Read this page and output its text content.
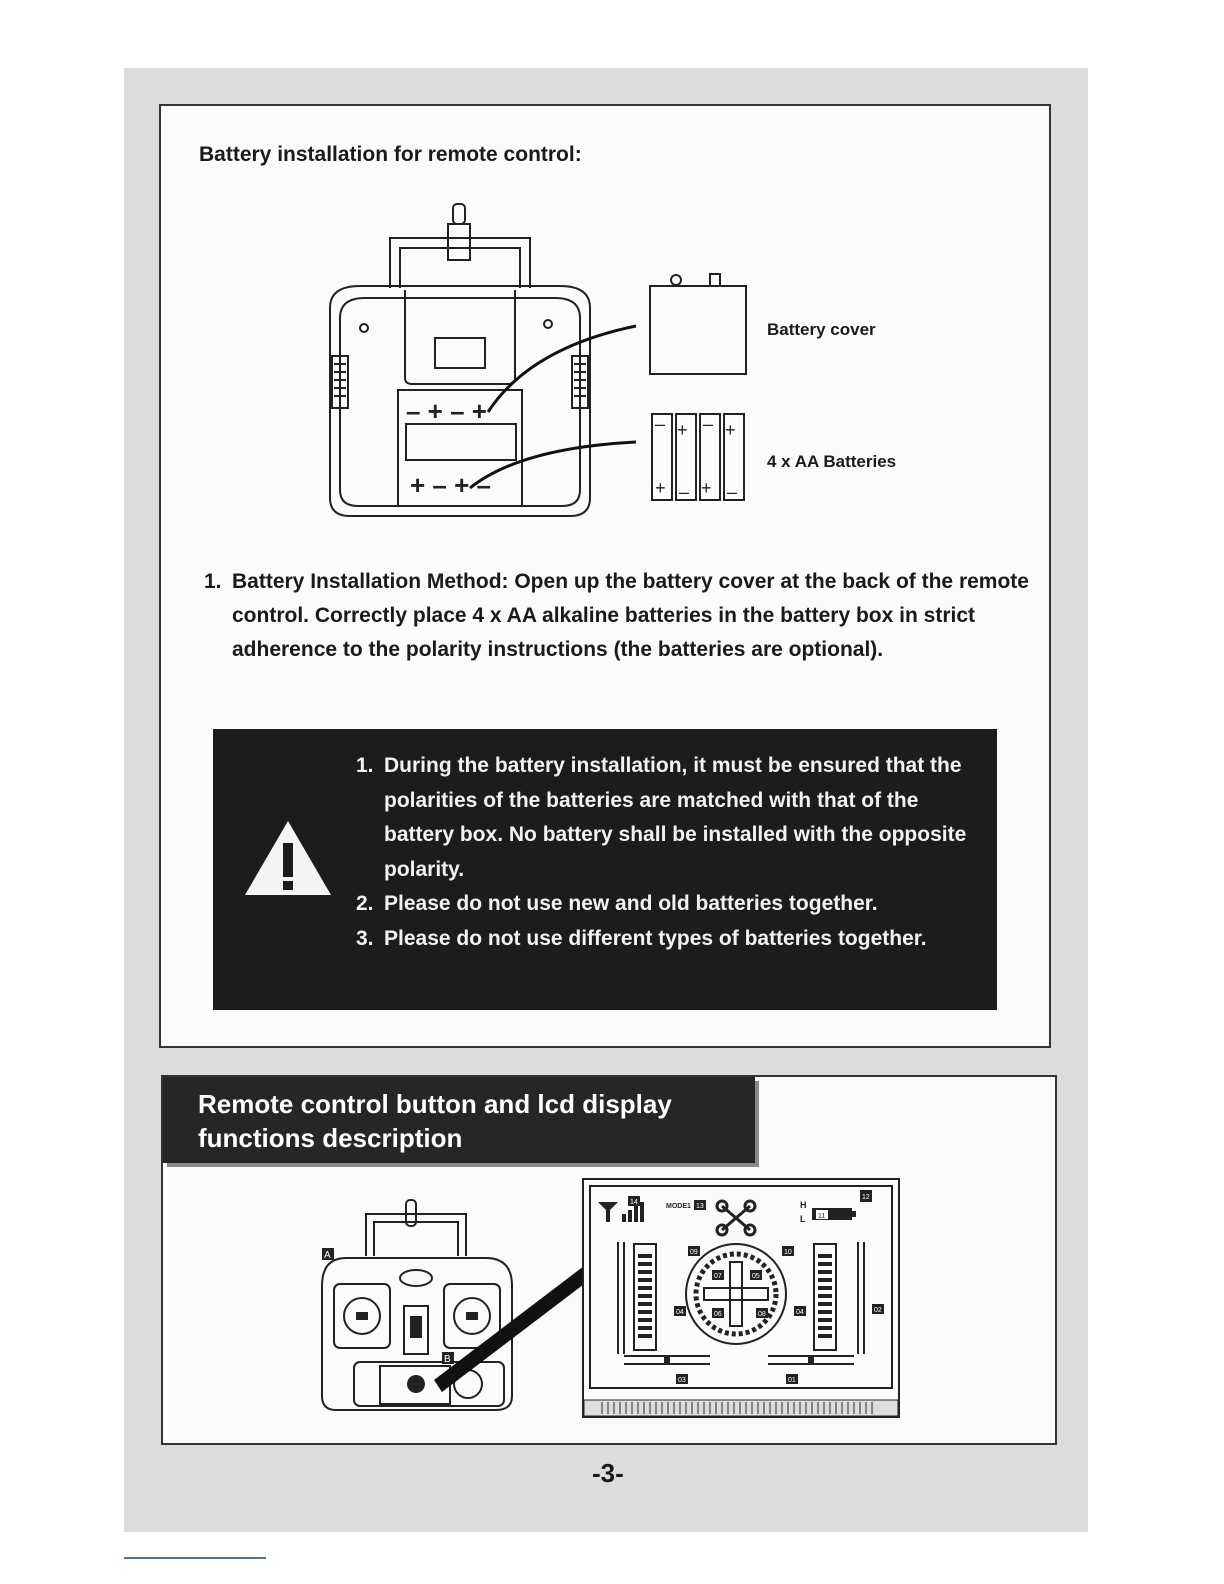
Battery installation for remote control:
– + – +
+ – + –
– + – +
+ – + –
Battery cover
4 x AA Batteries
1. Battery Installation Method: Open up the battery cover at the back of the remote control. Correctly place 4 x AA alkaline batteries in the battery box in strict adherence to the polarity instructions (the batteries are optional).
1. During the battery installation, it must be ensured that the polarities of the batteries are matched with that of the battery box. No battery shall be installed with the opposite polarity.
2. Please do not use new and old batteries together.
3. Please do not use different types of batteries together.
Remote control button and lcd display functions description
A
B
14
MODE1 13
12
H
L 11
09	10
07	05
04	04
06	08
03	01
02
-3-
